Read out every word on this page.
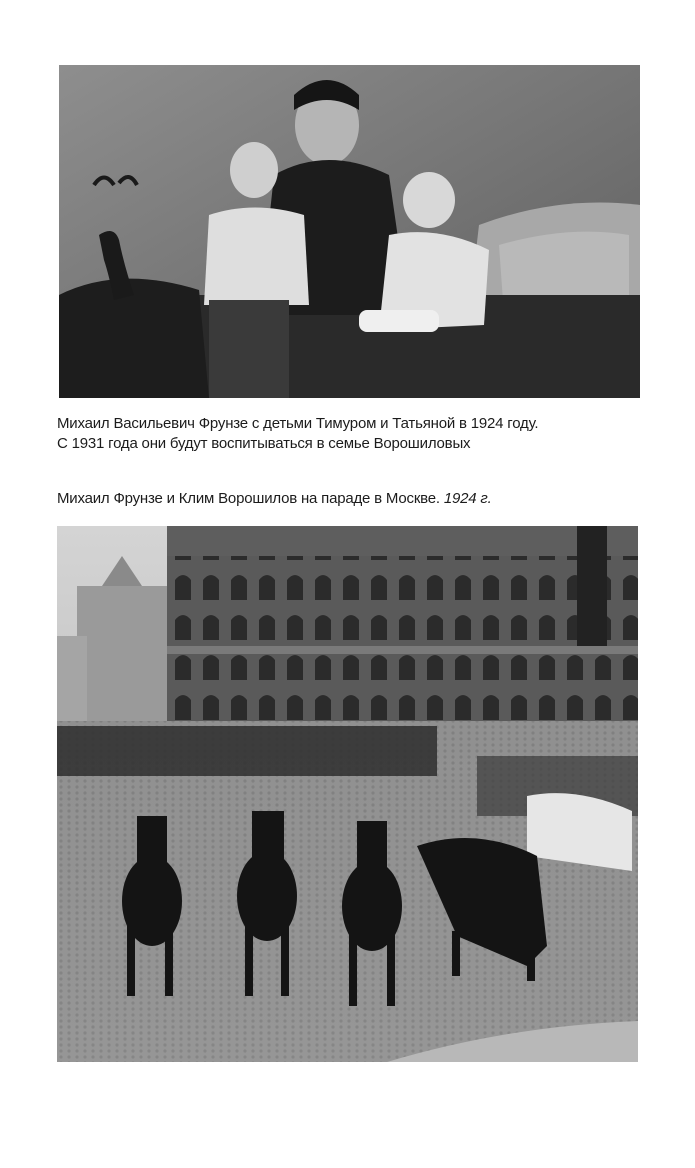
Михаил Васильевич Фрунзе с детьми Тимуром и Татьяной в 1924 году.
С 1931 года они будут воспитываться в семье Ворошиловых
Михаил Фрунзе и Клим Ворошилов на параде в Москве. 1924 г.
